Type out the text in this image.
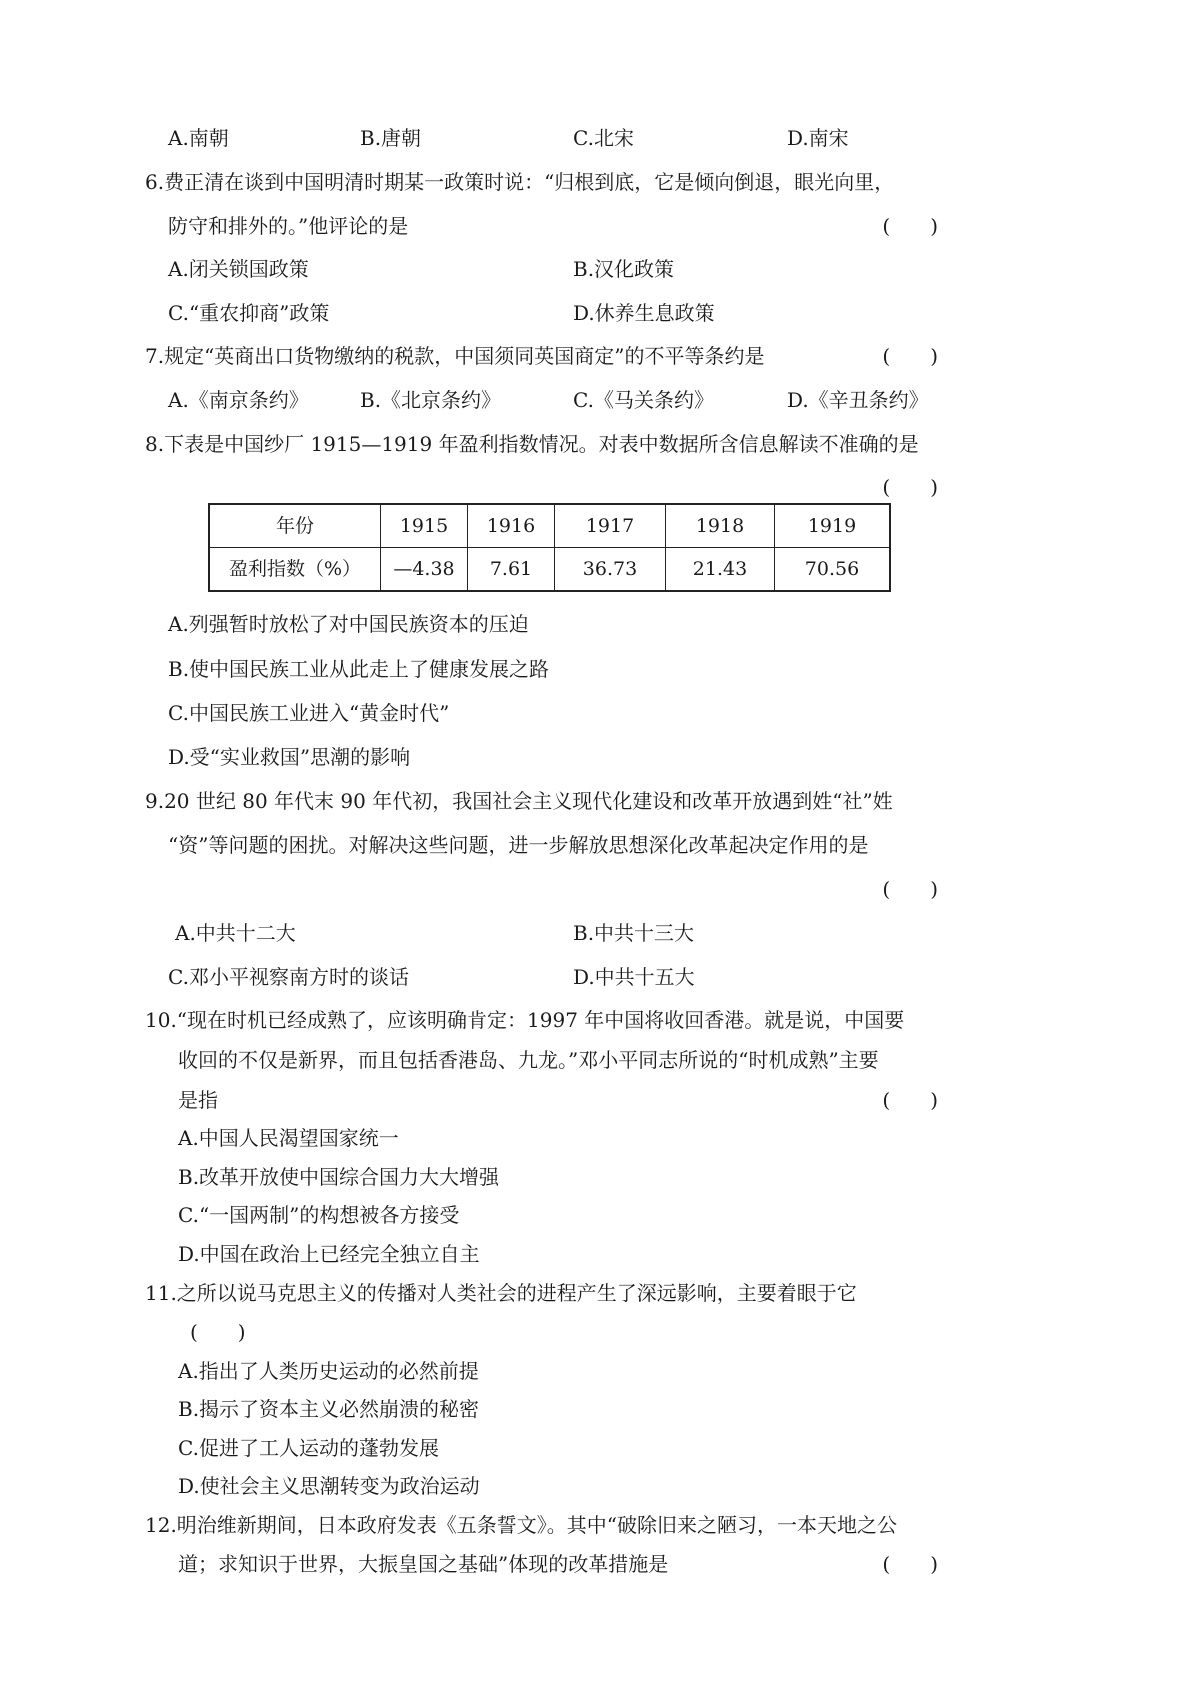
A.南朝	B.唐朝	C.北宋	D.南宋
6.费正清在谈到中国明清时期某一政策时说：“归根到底，它是倾向倒退，眼光向里，
防守和排外的。”他评论的是	(　　)
A.闭关锁国政策	B.汉化政策
C.“重农抑商”政策	D.休养生息政策
7.规定“英商出口货物缴纳的税款，中国须同英国商定”的不平等条约是	(　　)
A.《南京条约》	B.《北京条约》	C.《马关条约》	D.《辛丑条约》
8.下表是中国纱厂 1915—1919 年盈利指数情况。对表中数据所含信息解读不准确的是
(　　)
年份	1915	1916	1917	1918	1919
盈利指数（%）	—4.38	7.61	36.73	21.43	70.56
A.列强暂时放松了对中国民族资本的压迫
B.使中国民族工业从此走上了健康发展之路
C.中国民族工业进入“黄金时代”
D.受“实业救国”思潮的影响
9.20 世纪 80 年代末 90 年代初，我国社会主义现代化建设和改革开放遇到姓“社”姓
“资”等问题的困扰。对解决这些问题，进一步解放思想深化改革起决定作用的是
(　　)
A.中共十二大	B.中共十三大
C.邓小平视察南方时的谈话	D.中共十五大
10.“现在时机已经成熟了，应该明确肯定：1997 年中国将收回香港。就是说，中国要
收回的不仅是新界，而且包括香港岛、九龙。”邓小平同志所说的“时机成熟”主要
是指	(　　)
A.中国人民渴望国家统一
B.改革开放使中国综合国力大大增强
C.“一国两制”的构想被各方接受
D.中国在政治上已经完全独立自主
11.之所以说马克思主义的传播对人类社会的进程产生了深远影响，主要着眼于它
(　　)
A.指出了人类历史运动的必然前提
B.揭示了资本主义必然崩溃的秘密
C.促进了工人运动的蓬勃发展
D.使社会主义思潮转变为政治运动
12.明治维新期间，日本政府发表《五条誓文》。其中“破除旧来之陋习，一本天地之公
道；求知识于世界，大振皇国之基础”体现的改革措施是	(　　)
